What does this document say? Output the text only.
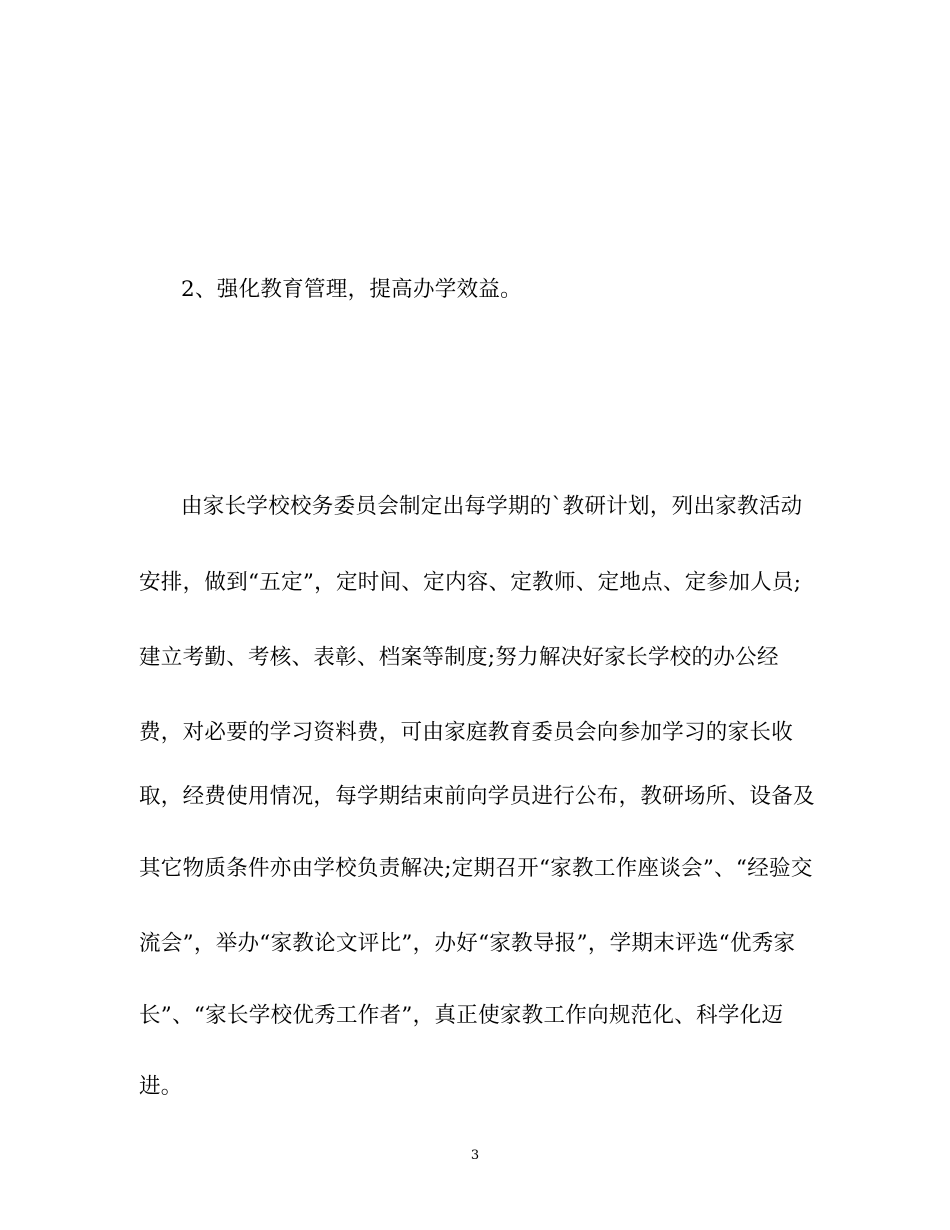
2、强化教育管理，提高办学效益。
由家长学校校务委员会制定出每学期的`教研计划，列出家教活动
安排，做到“五定”，定时间、定内容、定教师、定地点、定参加人员;
建立考勤、考核、表彰、档案等制度;努力解决好家长学校的办公经
费，对必要的学习资料费，可由家庭教育委员会向参加学习的家长收
取，经费使用情况，每学期结束前向学员进行公布，教研场所、设备及
其它物质条件亦由学校负责解决;定期召开“家教工作座谈会”、“经验交
流会”，举办“家教论文评比”，办好“家教导报”，学期末评选“优秀家
长”、“家长学校优秀工作者”，真正使家教工作向规范化、科学化迈
进。
3
